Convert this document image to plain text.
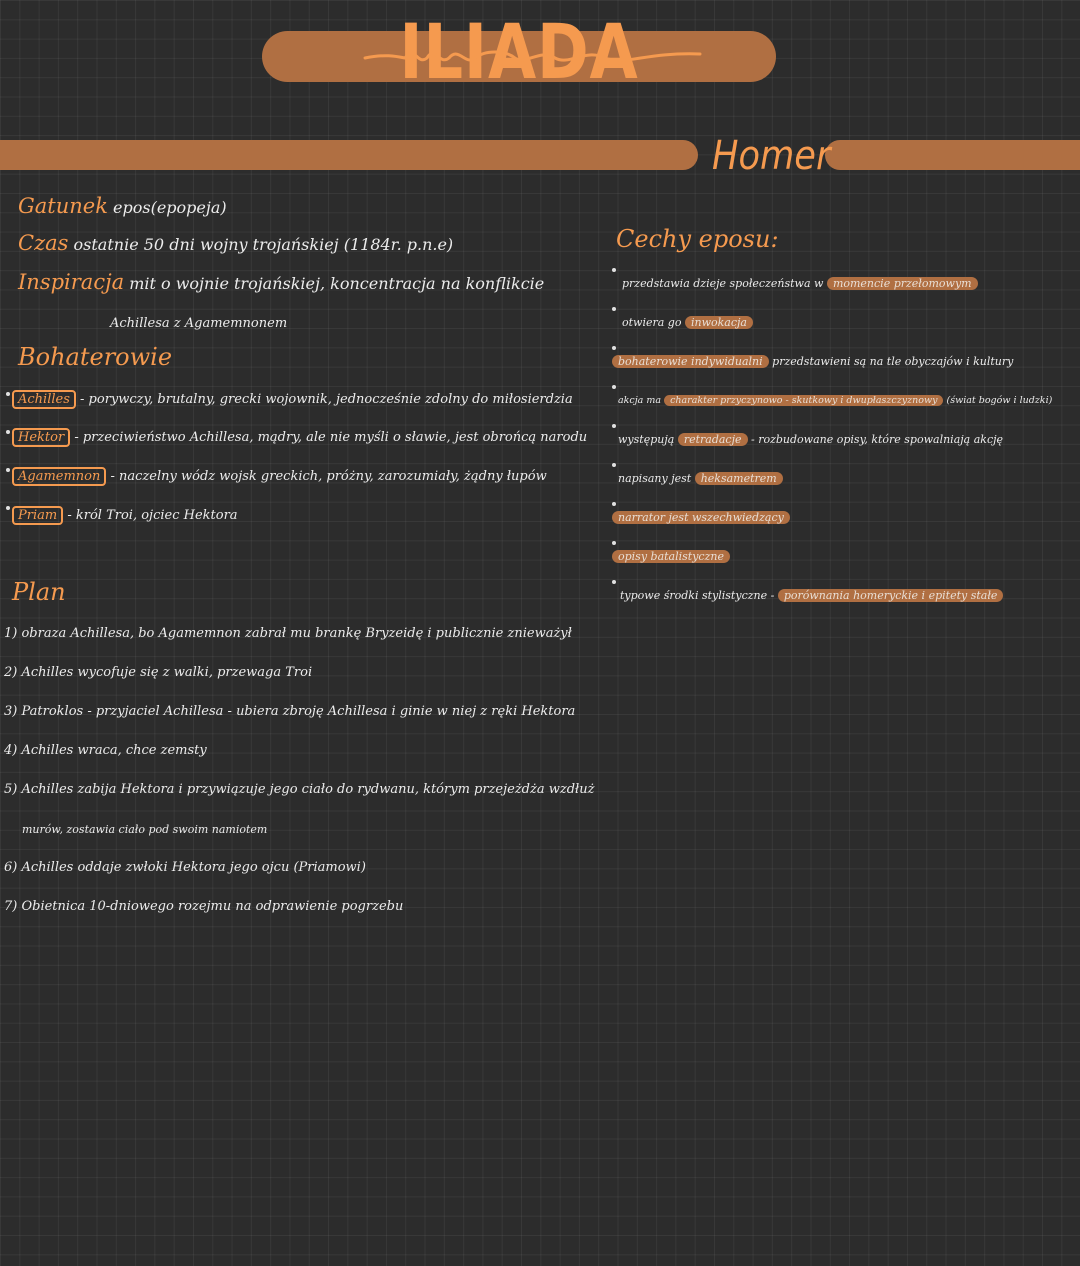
ILIADA
Homer
Gatunek epos(epopeja)
Czas ostatnie 50 dni wojny trojańskiej (1184r. p.n.e)
Inspiracja mit o wojnie trojańskiej, koncentracja na konflikcie
Achillesa z Agamemnonem
Bohaterowie
Achilles - porywczy, brutalny, grecki wojownik, jednocześnie zdolny do miłosierdzia
Hektor - przeciwieństwo Achillesa, mądry, ale nie myśli o sławie, jest obrońcą narodu
Agamemnon - naczelny wódz wojsk greckich, próżny, zarozumiały, żądny łupów
Priam - król Troi, ojciec Hektora
Plan
1) obraza Achillesa, bo Agamemnon zabrał mu brankę Bryzeidę i publicznie znieważył
2) Achilles wycofuje się z walki, przewaga Troi
3) Patroklos - przyjaciel Achillesa - ubiera zbroję Achillesa i ginie w niej z ręki Hektora
4) Achilles wraca, chce zemsty
5) Achilles zabija Hektora i przywiązuje jego ciało do rydwanu, którym przejeżdża wzdłuż
murów, zostawia ciało pod swoim namiotem
6) Achilles oddaje zwłoki Hektora jego ojcu (Priamowi)
7) Obietnica 10-dniowego rozejmu na odprawienie pogrzebu
Cechy eposu:
przedstawia dzieje społeczeństwa w momencie przełomowym
otwiera go inwokacja
bohaterowie indywidualni przedstawieni są na tle obyczajów i kultury
akcja ma charakter przyczynowo - skutkowy i dwupłaszczyznowy (świat bogów i ludzki)
występują retradacje - rozbudowane opisy, które spowalniają akcję
napisany jest heksametrem
narrator jest wszechwiedzący
opisy batalistyczne
typowe środki stylistyczne - porównania homeryckie i epitety stałe
